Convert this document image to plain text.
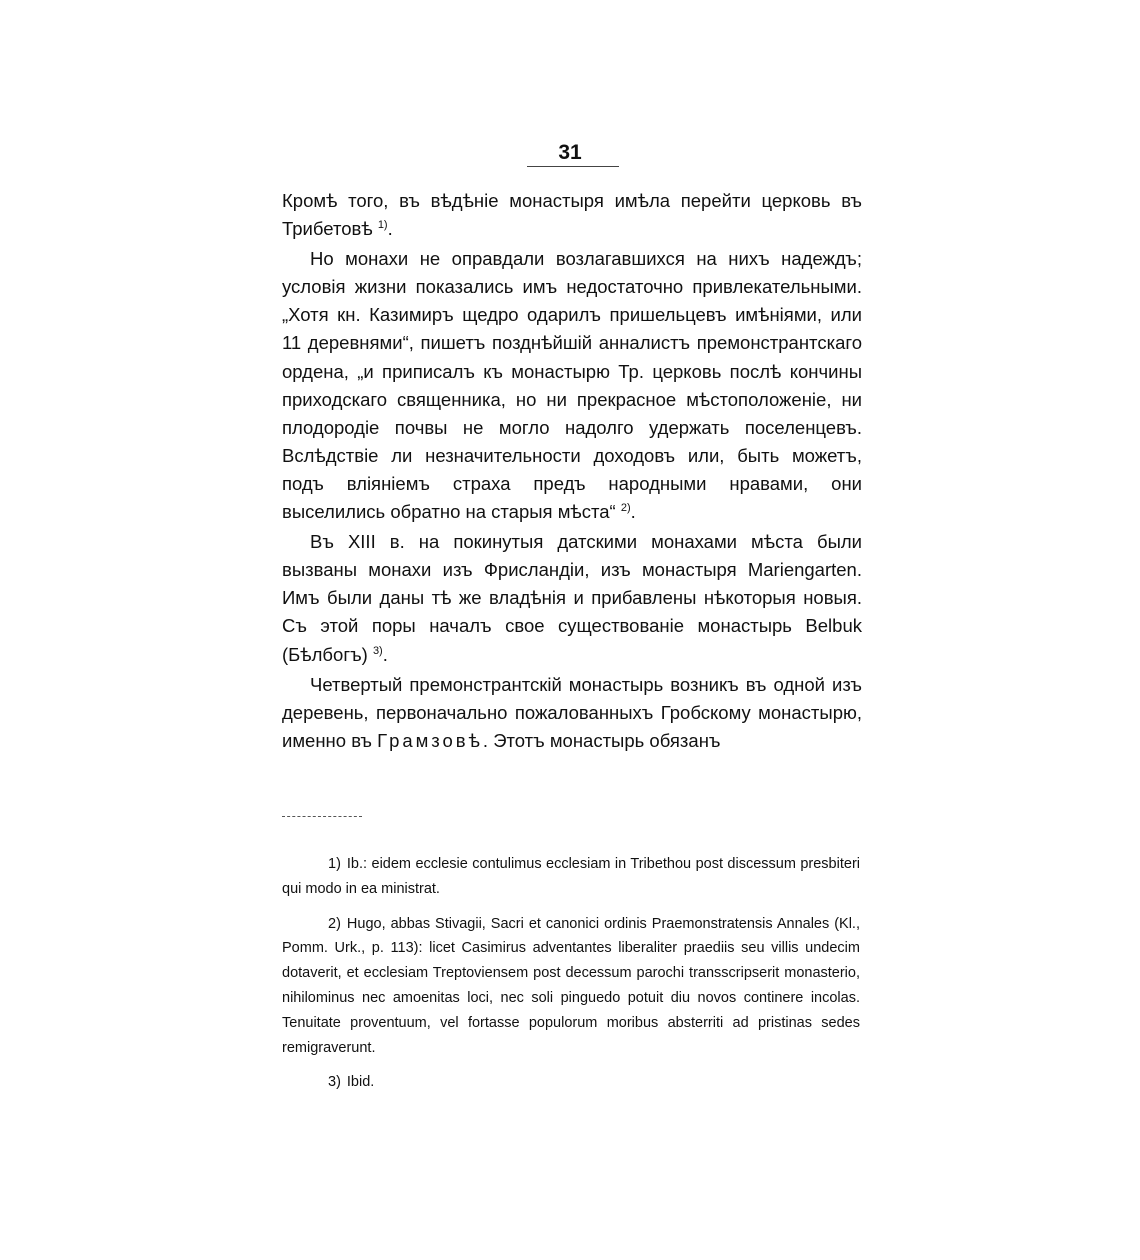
31

Кромѣ того, въ вѣдѣніе монастыря имѣла перейти церковь въ Трибетовѣ $^{1)}$.

Но монахи не оправдали возлагавшихся на нихъ надеждъ; условія жизни показались имъ недостаточно привлекательными. „Хотя кн. Казимиръ щедро одарилъ пришельцевъ имѣніями, или 11 деревнями“, пишетъ позднѣйшій анналистъ премонстрантскаго ордена, „и приписалъ къ монастырю Тр. церковь послѣ кончины приходскаго священника, но ни прекрасное мѣстоположеніе, ни плодородіе почвы не могло надолго удержать поселенцевъ. Вслѣдствіе ли незначительности доходовъ или, быть можетъ, подъ вліяніемъ страха предъ народными нравами, они выселились обратно на старыя мѣста“ $^{2)}$.

Въ XIII в. на покинутыя датскими монахами мѣста были вызваны монахи изъ Фрисландіи, изъ монастыря Mariengarten. Имъ были даны тѣ же владѣнія и прибавлены нѣкоторыя новыя. Съ этой поры началъ свое существованіе монастырь Belbuk (Бѣлбогъ) $^{3)}$.

Четвертый премонстрантскій монастырь возникъ въ одной изъ деревень, первоначально пожалованныхъ Гробскому монастырю, именно въ Грамзовѣ. Этотъ монастырь обязанъ

1) Ib.: eidem ecclesie contulimus ecclesiam in Tribethou post discessum presbiteri qui modo in ea ministrat.

2) Hugo, abbas Stivagii, Sacri et canonici ordinis Praemonstratensis Annales (Kl., Pomm. Urk., p. 113): licet Casimirus adventantes liberaliter praediis seu villis undecim dotaverit, et ecclesiam Treptoviensem post decessum parochi transscripserit monasterio, nihilominus nec amoenitas loci, nec soli pinguedo potuit diu novos continere incolas. Tenuitate proventuum, vel fortasse populorum moribus absterriti ad pristinas sedes remigraverunt.

3) Ibid.
